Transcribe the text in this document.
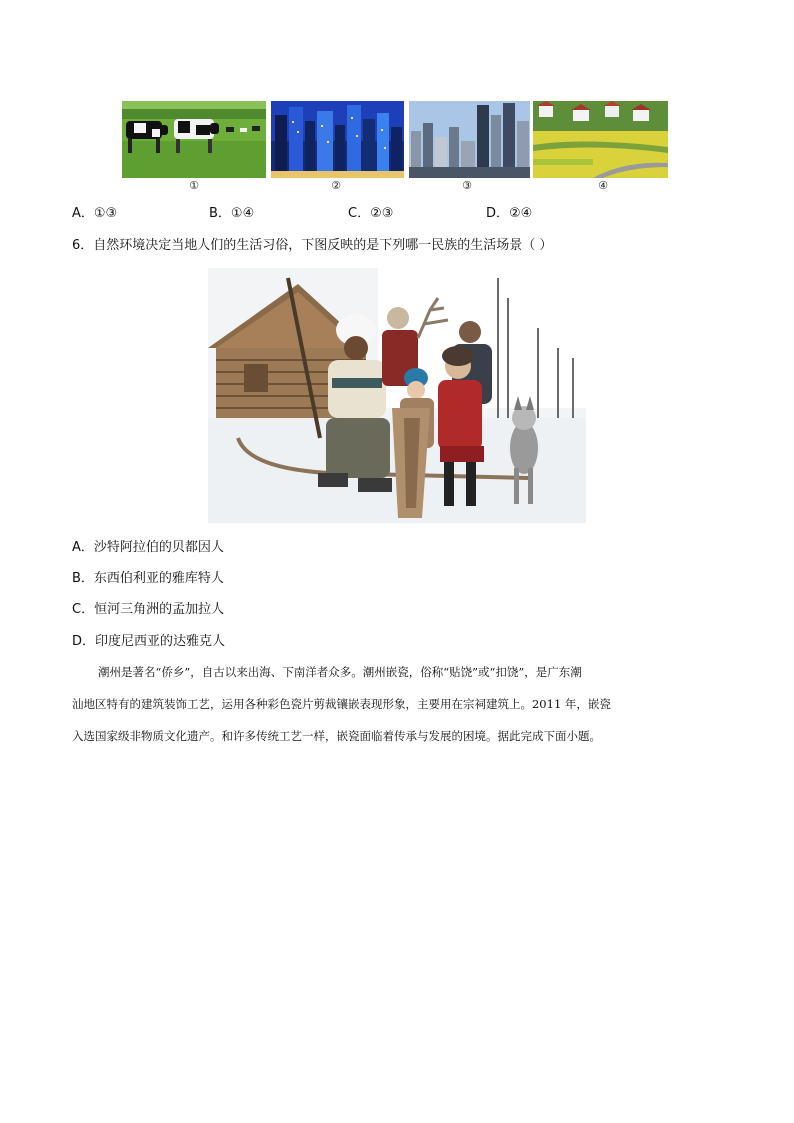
①	②	③	④
A．①③	B．①④	C．②③	D．②④
6．自然环境决定当地人们的生活习俗，下图反映的是下列哪一民族的生活场景（ ）
A．沙特阿拉伯的贝都因人
B．东西伯利亚的雅库特人
C．恒河三角洲的孟加拉人
D．印度尼西亚的达雅克人
潮州是著名“侨乡”，自古以来出海、下南洋者众多。潮州嵌瓷，俗称“贴饶”或“扣饶”，是广东潮
汕地区特有的建筑装饰工艺，运用各种彩色瓷片剪裁镶嵌表现形象，主要用在宗祠建筑上。2011 年，嵌瓷
入选国家级非物质文化遗产。和许多传统工艺一样，嵌瓷面临着传承与发展的困境。据此完成下面小题。
